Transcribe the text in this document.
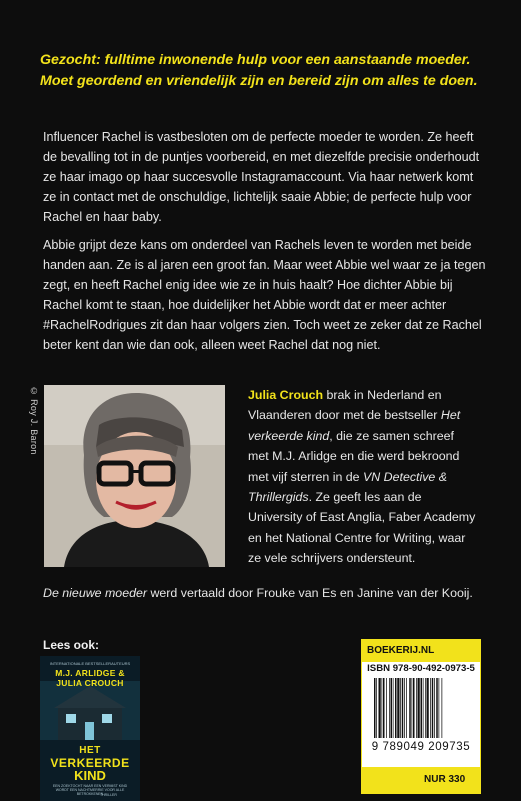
Gezocht: fulltime inwonende hulp voor een aanstaande moeder.
Moet geordend en vriendelijk zijn en bereid zijn om alles te doen.

Influencer Rachel is vastbesloten om de perfecte moeder te worden. Ze heeft de bevalling tot in de puntjes voorbereid, en met diezelfde precisie onderhoudt ze haar imago op haar succesvolle Instagramaccount. Via haar netwerk komt ze in contact met de onschuldige, lichtelijk saaie Abbie; de perfecte hulp voor Rachel en haar baby.

Abbie grijpt deze kans om onderdeel van Rachels leven te worden met beide handen aan. Ze is al jaren een groot fan. Maar weet Abbie wel waar ze ja tegen zegt, en heeft Rachel enig idee wie ze in huis haalt? Hoe dichter Abbie bij Rachel komt te staan, hoe duidelijker het Abbie wordt dat er meer achter #RachelRodrigues zit dan haar volgers zien. Toch weet ze zeker dat ze Rachel beter kent dan wie dan ook, alleen weet Rachel dat nog niet.

© Roy J. Baron	Julia Crouch brak in Nederland en Vlaanderen door met de bestseller Het verkeerde kind, die ze samen schreef met M.J. Arlidge en die werd bekroond met vijf sterren in de VN Detective & Thrillergids. Ze geeft les aan de University of East Anglia, Faber Academy en het National Centre for Writing, waar ze vele schrijvers ondersteunt.

De nieuwe moeder werd vertaald door Frouke van Es en Janine van der Kooij.

Lees ook:

INTERNATIONALE BESTSELLERAUTEURS
M.J. ARLIDGE &
JULIA CROUCH
HET
VERKEERDE
KIND
EEN ZOEKTOCHT NAAR EEN VERMIST KIND WORDT EEN NACHTMERRIE VOOR ALLE BETROKKENEN
THRILLER
BOEKERIJ.NL
ISBN 978-90-492-0973-5
9 789049 209735
NUR 330
